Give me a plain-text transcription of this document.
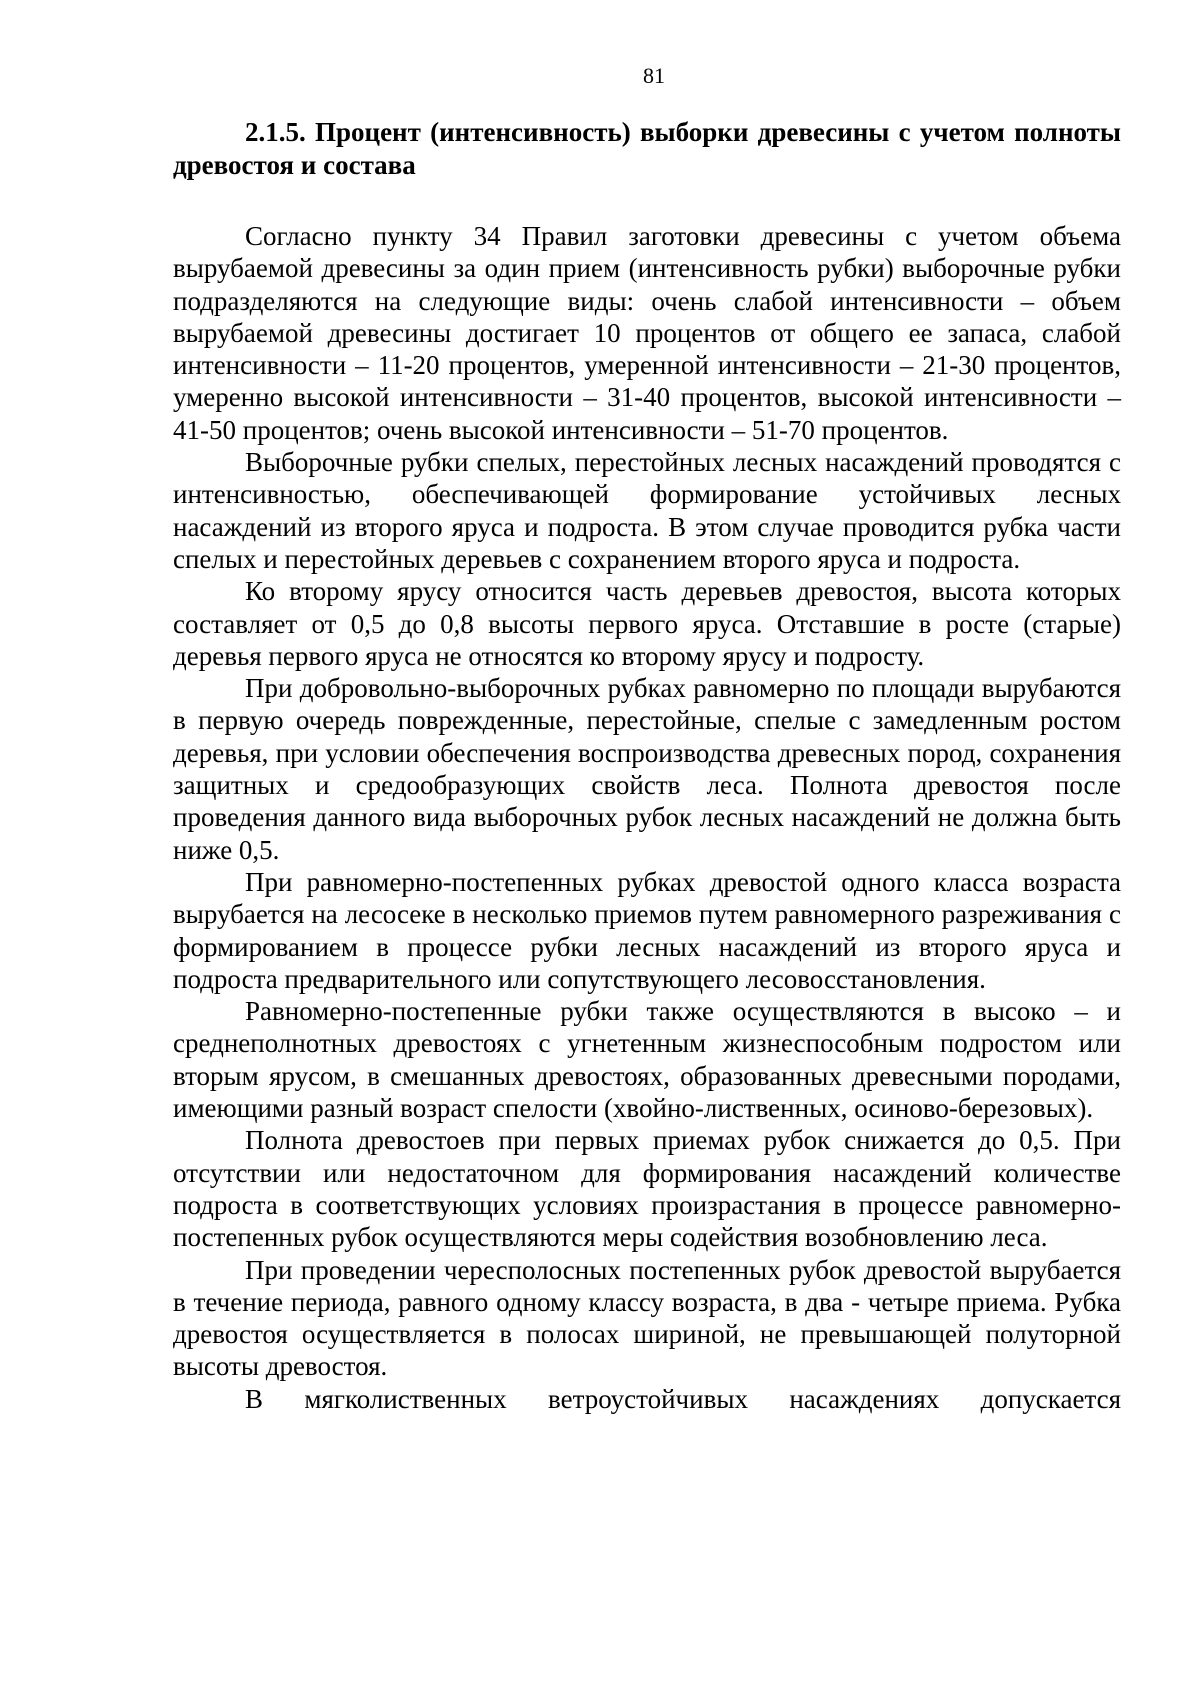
81
2.1.5. Процент (интенсивность) выборки древесины с учетом полноты древостоя и состава

Согласно пункту 34 Правил заготовки древесины с учетом объема вырубаемой древесины за один прием (интенсивность рубки) выборочные рубки подразделяются на следующие виды: очень слабой интенсивности – объем вырубаемой древесины достигает 10 процентов от общего ее запаса, слабой интенсивности – 11-20 процентов, умеренной интенсивности – 21-30 процентов, умеренно высокой интенсивности – 31-40 процентов, высокой интенсивности – 41-50 процентов; очень высокой интенсивности – 51-70 процентов.

Выборочные рубки спелых, перестойных лесных насаждений проводятся с интенсивностью, обеспечивающей формирование устойчивых лесных насаждений из второго яруса и подроста. В этом случае проводится рубка части спелых и перестойных деревьев с сохранением второго яруса и подроста.

Ко второму ярусу относится часть деревьев древостоя, высота которых составляет от 0,5 до 0,8 высоты первого яруса. Отставшие в росте (старые) деревья первого яруса не относятся ко второму ярусу и подросту.

При добровольно-выборочных рубках равномерно по площади вырубаются в первую очередь поврежденные, перестойные, спелые с замедленным ростом деревья, при условии обеспечения воспроизводства древесных пород, сохранения защитных и средообразующих свойств леса. Полнота древостоя после проведения данного вида выборочных рубок лесных насаждений не должна быть ниже 0,5.

При равномерно-постепенных рубках древостой одного класса возраста вырубается на лесосеке в несколько приемов путем равномерного разреживания с формированием в процессе рубки лесных насаждений из второго яруса и подроста предварительного или сопутствующего лесовосстановления.

Равномерно-постепенные рубки также осуществляются в высоко – и среднеполнотных древостоях с угнетенным жизнеспособным подростом или вторым ярусом, в смешанных древостоях, образованных древесными породами, имеющими разный возраст спелости (хвойно-лиственных, осиново-березовых).

Полнота древостоев при первых приемах рубок снижается до 0,5. При отсутствии или недостаточном для формирования насаждений количестве подроста в соответствующих условиях произрастания в процессе равномерно-постепенных рубок осуществляются меры содействия возобновлению леса.

При проведении чересполосных постепенных рубок древостой вырубается в течение периода, равного одному классу возраста, в два - четыре приема. Рубка древостоя осуществляется в полосах шириной, не превышающей полуторной высоты древостоя.

В мягколиственных ветроустойчивых насаждениях допускается
